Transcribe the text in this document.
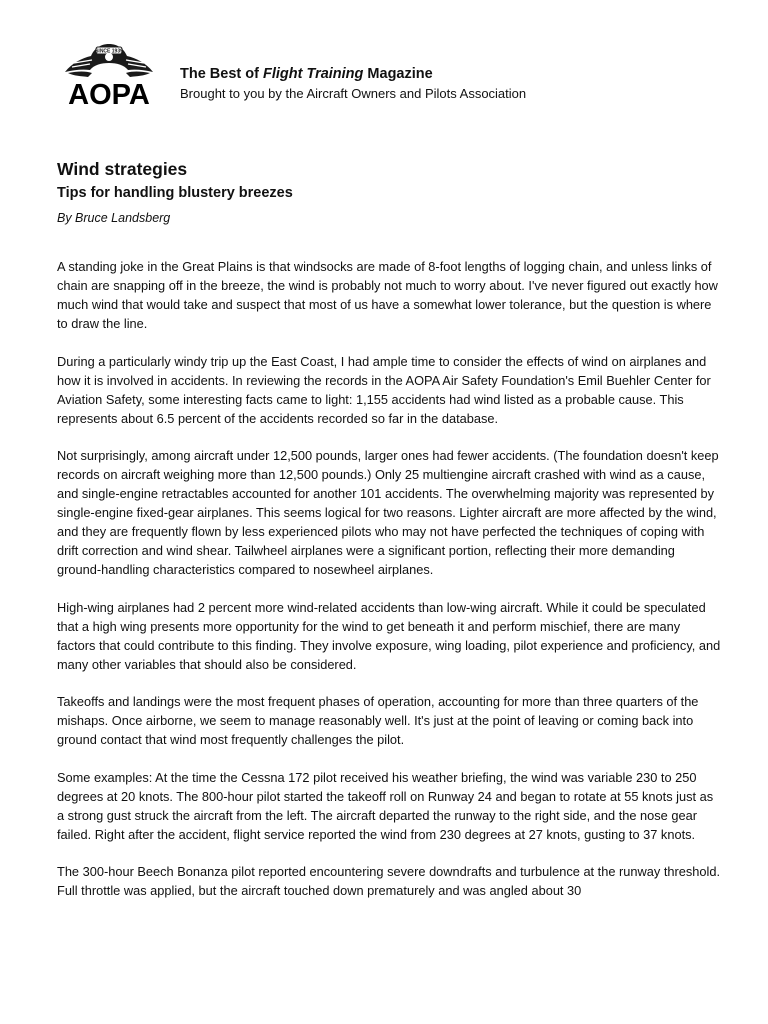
SINCE 1939
AOPA

The Best of Flight Training Magazine

Brought to you by the Aircraft Owners and Pilots Association

Wind strategies
Tips for handling blustery breezes

By Bruce Landsberg

A standing joke in the Great Plains is that windsocks are made of 8-foot lengths of logging chain, and unless links of chain are snapping off in the breeze, the wind is probably not much to worry about. I've never figured out exactly how much wind that would take and suspect that most of us have a somewhat lower tolerance, but the question is where to draw the line.

During a particularly windy trip up the East Coast, I had ample time to consider the effects of wind on airplanes and how it is involved in accidents. In reviewing the records in the AOPA Air Safety Foundation's Emil Buehler Center for Aviation Safety, some interesting facts came to light: 1,155 accidents had wind listed as a probable cause. This represents about 6.5 percent of the accidents recorded so far in the database.

Not surprisingly, among aircraft under 12,500 pounds, larger ones had fewer accidents. (The foundation doesn't keep records on aircraft weighing more than 12,500 pounds.) Only 25 multiengine aircraft crashed with wind as a cause, and single-engine retractables accounted for another 101 accidents. The overwhelming majority was represented by single-engine fixed-gear airplanes. This seems logical for two reasons. Lighter aircraft are more affected by the wind, and they are frequently flown by less experienced pilots who may not have perfected the techniques of coping with drift correction and wind shear. Tailwheel airplanes were a significant portion, reflecting their more demanding ground-handling characteristics compared to nosewheel airplanes.

High-wing airplanes had 2 percent more wind-related accidents than low-wing aircraft. While it could be speculated that a high wing presents more opportunity for the wind to get beneath it and perform mischief, there are many factors that could contribute to this finding. They involve exposure, wing loading, pilot experience and proficiency, and many other variables that should also be considered.

Takeoffs and landings were the most frequent phases of operation, accounting for more than three quarters of the mishaps. Once airborne, we seem to manage reasonably well. It's just at the point of leaving or coming back into ground contact that wind most frequently challenges the pilot.

Some examples: At the time the Cessna 172 pilot received his weather briefing, the wind was variable 230 to 250 degrees at 20 knots. The 800-hour pilot started the takeoff roll on Runway 24 and began to rotate at 55 knots just as a strong gust struck the aircraft from the left. The aircraft departed the runway to the right side, and the nose gear failed. Right after the accident, flight service reported the wind from 230 degrees at 27 knots, gusting to 37 knots.

The 300-hour Beech Bonanza pilot reported encountering severe downdrafts and turbulence at the runway threshold. Full throttle was applied, but the aircraft touched down prematurely and was angled about 30
